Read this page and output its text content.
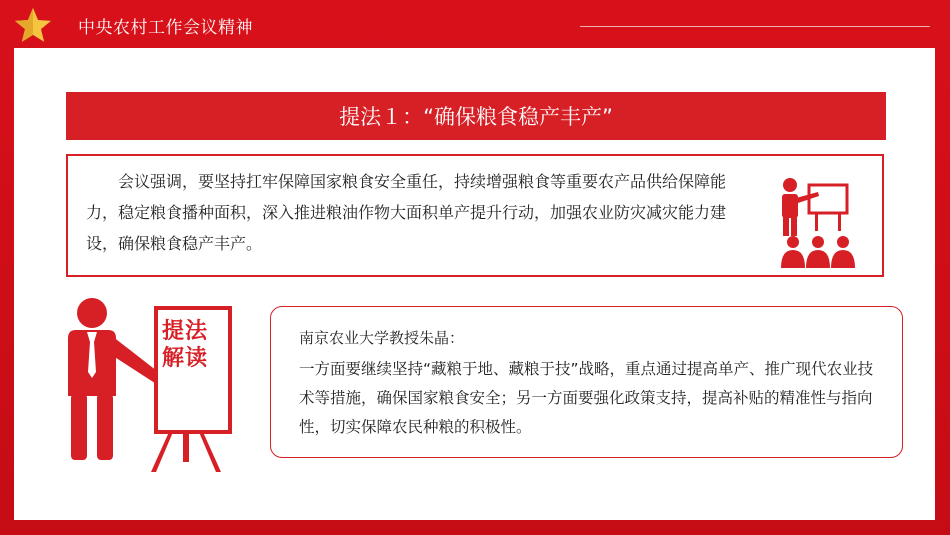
中央农村工作会议精神
提法１：“确保粮食稳产丰产”

会议强调，要坚持扛牢保障国家粮食安全重任，持续增强粮食等重要农产品供给保障能力，稳定粮食播种面积，深入推进粮油作物大面积单产提升行动，加强农业防灾减灾能力建设，确保粮食稳产丰产。

提法
解读

南京农业大学教授朱晶：

一方面要继续坚持“藏粮于地、藏粮于技”战略，重点通过提高单产、推广现代农业技术等措施，确保国家粮食安全；另一方面要强化政策支持，提高补贴的精准性与指向性，切实保障农民种粮的积极性。
